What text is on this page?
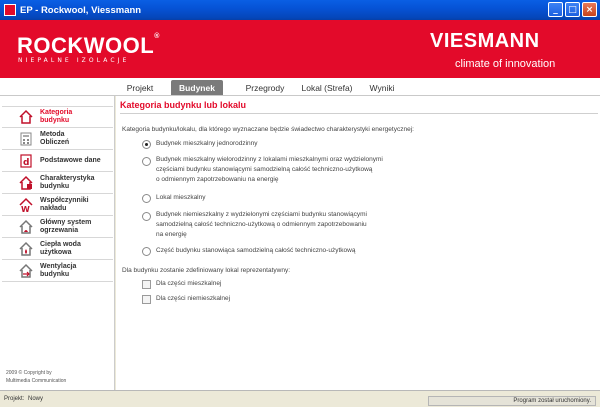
EP - Rockwool, Viessmann	_ □ ×
ROCKWOOL®
NIEPALNE IZOLACJE
VIESMANN
climate of innovation
Projekt	Budynek	Przegrody	Lokal (Strefa)	Wyniki
Kategoria
budynku
Metoda
Obliczeń
d Podstawowe dane
Charakterystyka
budynku
W
Współczynniki
nakładu
Główny system
ogrzewania
Ciepła woda
użytkowa
Wentylacja
budynku
2009 © Copyright by
Multimedia Communication
Kategoria budynku lub lokalu
Kategoria budynku/lokalu, dla którego wyznaczane będzie świadectwo charakterystyki energetycznej:
Budynek mieszkalny jednorodzinny
Budynek mieszkalny wielorodzinny z lokalami mieszkalnymi oraz wydzielonymi
częściami budynku stanowiącymi samodzielną całość techniczno-użytkową
o odmiennym zapotrzebowaniu na energię
Lokal mieszkalny
Budynek niemieszkalny z wydzielonymi częściami budynku stanowiącymi
samodzielną całość techniczno-użytkową o odmiennym zapotrzebowaniu
na energię
Część budynku stanowiąca samodzielną całość techniczno-użytkową
Dla budynku zostanie zdefiniowany lokal reprezentatywny:
Dla części mieszkalnej
Dla części niemieszkalnej
Projekt: Nowy	Program został uruchomiony.
